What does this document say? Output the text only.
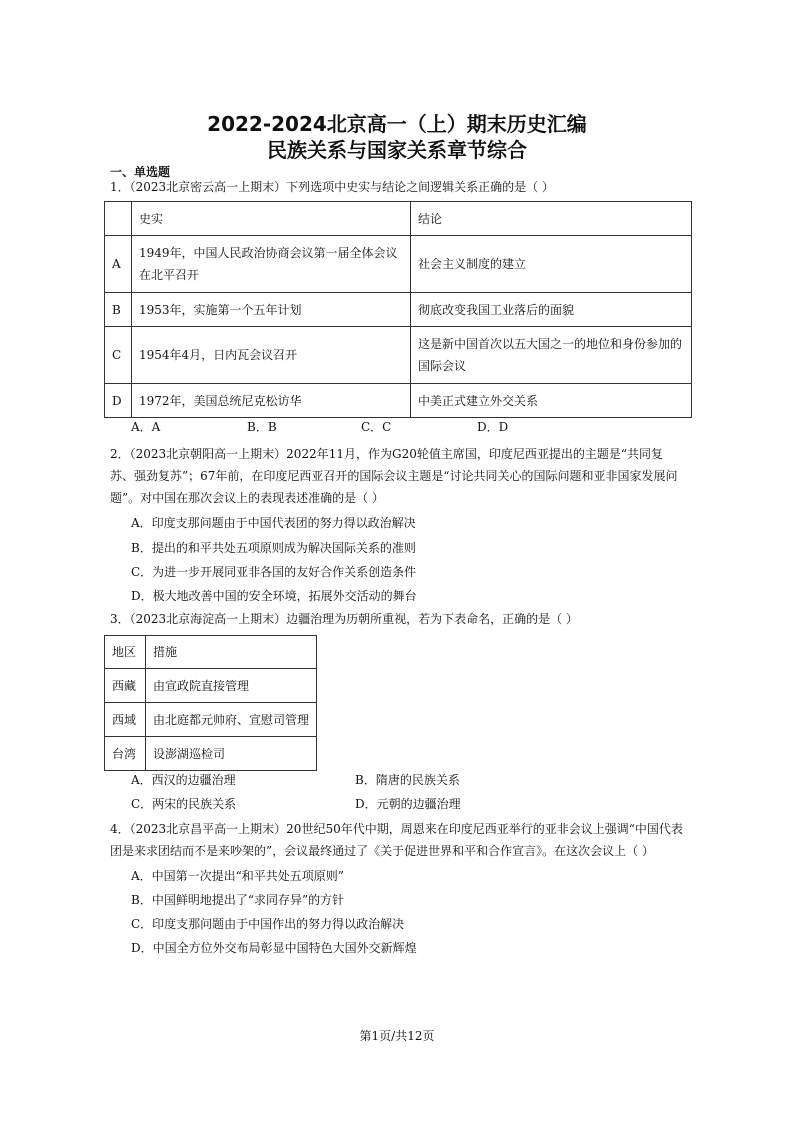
2022-2024北京高一（上）期末历史汇编
民族关系与国家关系章节综合
一、单选题
1．（2023北京密云高一上期末）下列选项中史实与结论之间逻辑关系正确的是（ ）
	史实	结论
A	1949年，中国人民政治协商会议第一届全体会议在北平召开	社会主义制度的建立
B	1953年，实施第一个五年计划	彻底改变我国工业落后的面貌
C	1954年4月，日内瓦会议召开	这是新中国首次以五大国之一的地位和身份参加的国际会议
D	1972年，美国总统尼克松访华	中美正式建立外交关系
A．A	B．B	C．C	D．D
2．（2023北京朝阳高一上期末）2022年11月，作为G20轮值主席国，印度尼西亚提出的主题是“共同复苏、强劲复苏”；67年前，在印度尼西亚召开的国际会议主题是“讨论共同关心的国际问题和亚非国家发展问题”。对中国在那次会议上的表现表述准确的是（ ）
A．印度支那问题由于中国代表团的努力得以政治解决
B．提出的和平共处五项原则成为解决国际关系的准则
C．为进一步开展同亚非各国的友好合作关系创造条件
D．极大地改善中国的安全环境，拓展外交活动的舞台
3．（2023北京海淀高一上期末）边疆治理为历朝所重视，若为下表命名，正确的是（ ）
地区	措施
西藏	由宣政院直接管理
西域	由北庭都元帅府、宣慰司管理
台湾	设澎湖巡检司
A．西汉的边疆治理	B．隋唐的民族关系
C．两宋的民族关系	D．元朝的边疆治理
4．（2023北京昌平高一上期末）20世纪50年代中期，周恩来在印度尼西亚举行的亚非会议上强调“中国代表团是来求团结而不是来吵架的”，会议最终通过了《关于促进世界和平和合作宣言》。在这次会议上（ ）
A．中国第一次提出“和平共处五项原则”
B．中国鲜明地提出了“求同存异”的方针
C．印度支那问题由于中国作出的努力得以政治解决
D．中国全方位外交布局彰显中国特色大国外交新辉煌
第1页/共12页
